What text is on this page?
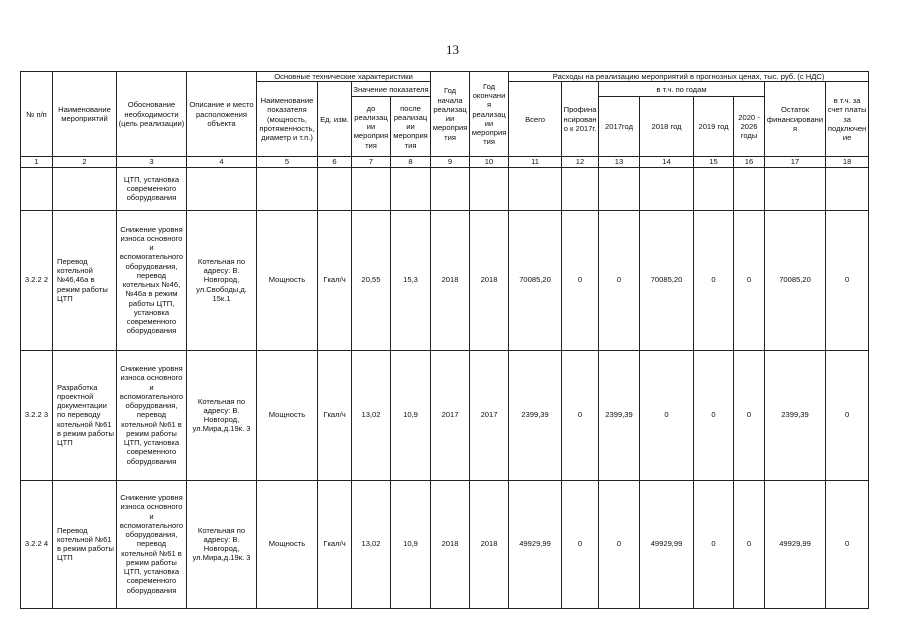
13
№ п/п	Наименование мероприятий	Обоснование необходимости (цель реализации)	Описание и место расположения объекта	Основные технические характеристики				Год начала реализации мероприятия	Год окончания реализации мероприятия	Расходы на реализацию мероприятий в прогнозных ценах, тыс. руб. (с НДС)							
				Наименование показателя (мощность, протяженность, диаметр и т.п.)	Ед. изм.	Значение показателя				Всего	Профинансировано к 2017г.	в т.ч. по годам				Остаток финансирования	в т.ч. за счет платы за подключение
						до реализации мероприятия	после реализации мероприятия					2017год	2018 год	2019 год	2020 - 2026 годы		

1	2	3	4	5	6	7	8	9	10	11	12	13	14	15	16	17	18
		ЦТП, установка современного оборудования															
3.2.2 2	Перевод котельной №46,46а в режим работы ЦТП	Снижение уровня износа основного и вспомогательного оборудования, перевод котельных №46, №46а в режим работы ЦТП, установка современного оборудования	Котельная по адресу: В. Новгород, ул.Свободы,д. 15к.1	Мощность	Гкал/ч	20,55	15,3	2018	2018	70085,20	0	0	70085,20	0	0	70085,20	0
3.2.2 3	Разработка проектной документации по переводу котельной №61 в режим работы ЦТП	Снижение уровня износа основного и вспомогательного оборудования, перевод котельной №61 в режим работы ЦТП, установка современного оборудования	Котельная по адресу: В. Новгород, ул.Мира,д.19к. 3	Мощность	Гкал/ч	13,02	10,9	2017	2017	2399,39	0	2399,39	0	0	0	2399,39	0
3.2.2 4	Перевод котельной №61 в режим работы ЦТП	Снижение уровня износа основного и вспомогательного оборудования, перевод котельной №61 в режим работы ЦТП, установка современного оборудования	Котельная по адресу: В. Новгород, ул.Мира,д.19к. 3	Мощность	Гкал/ч	13,02	10,9	2018	2018	49929,99	0	0	49929,99	0	0	49929,99	0
